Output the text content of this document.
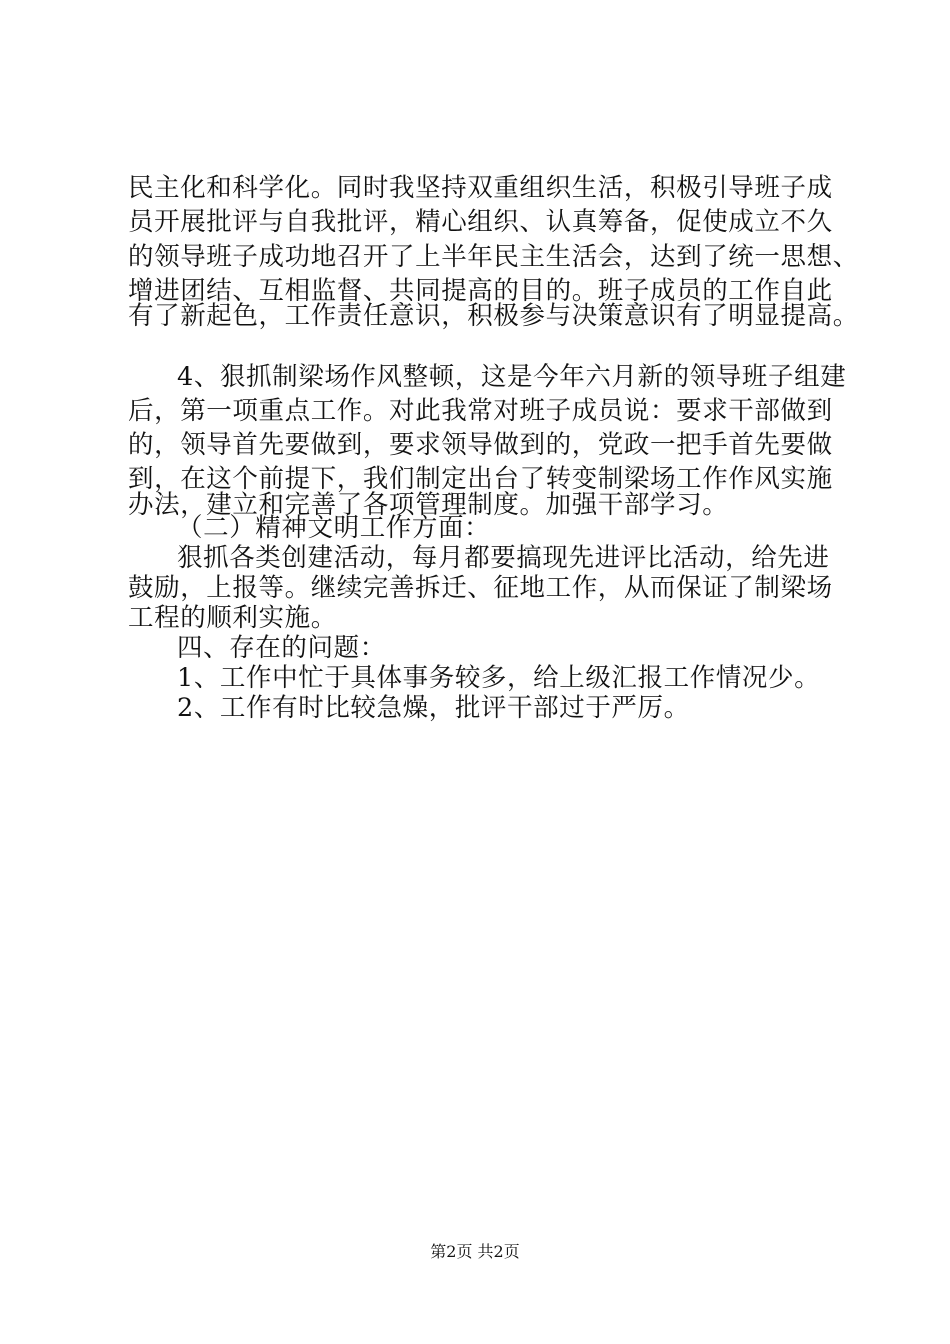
民主化和科学化。同时我坚持双重组织生活，积极引导班子成
员开展批评与自我批评，精心组织、认真筹备，促使成立不久
的领导班子成功地召开了上半年民主生活会，达到了统一思想、
增进团结、互相监督、共同提高的目的。班子成员的工作自此
有了新起色，工作责任意识，积极参与决策意识有了明显提高。
4、狠抓制梁场作风整顿，这是今年六月新的领导班子组建
后，第一项重点工作。对此我常对班子成员说：要求干部做到
的，领导首先要做到，要求领导做到的，党政一把手首先要做
到，在这个前提下，我们制定出台了转变制梁场工作作风实施
办法，建立和完善了各项管理制度。加强干部学习。
（二）精神文明工作方面：
狠抓各类创建活动，每月都要搞现先进评比活动，给先进
鼓励，上报等。继续完善拆迁、征地工作，从而保证了制梁场
工程的顺利实施。
四、存在的问题：
1、工作中忙于具体事务较多，给上级汇报工作情况少。
2、工作有时比较急燥，批评干部过于严厉。
第2页 共2页
